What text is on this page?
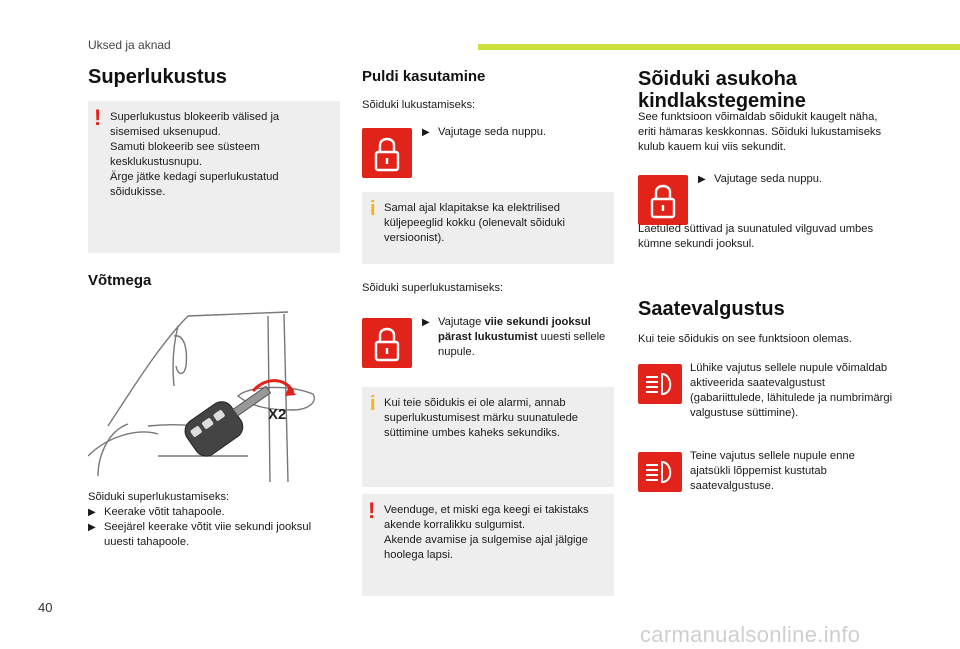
Uksed ja aknad
Superlukustus
! Superlukustus blokeerib välised ja sisemised uksenupud.
Samuti blokeerib see süsteem kesklukustusnupu.
Ärge jätke kedagi superlukustatud sõidukisse.
Võtmega
X2
Sõiduki superlukustamiseks:
▶ Keerake võtit tahapoole.
▶ Seejärel keerake võtit viie sekundi jooksul uuesti tahapoole.
Puldi kasutamine
Sõiduki lukustamiseks:
▶ Vajutage seda nuppu.
i Samal ajal klapitakse ka elektrilised küljepeeglid kokku (olenevalt sõiduki versioonist).
Sõiduki superlukustamiseks:
▶ Vajutage viie sekundi jooksul pärast lukustumist uuesti sellele nupule.
i Kui teie sõidukis ei ole alarmi, annab superlukustumisest märku suunatulede süttimine umbes kaheks sekundiks.
! Veenduge, et miski ega keegi ei takistaks akende korralikku sulgumist.
Akende avamise ja sulgemise ajal jälgige hoolega lapsi.
Sõiduki asukoha kindlakstegemine
See funktsioon võimaldab sõidukit kaugelt näha, eriti hämaras keskkonnas. Sõiduki lukustamiseks kulub kauem kui viis sekundit.
▶ Vajutage seda nuppu.
Laetuled süttivad ja suunatuled vilguvad umbes kümne sekundi jooksul.
Saatevalgustus
Kui teie sõidukis on see funktsioon olemas.
Lühike vajutus sellele nupule võimaldab aktiveerida saatevalgustust (gabariittulede, lähitulede ja numbrimärgi valgustuse süttimine).
Teine vajutus sellele nupule enne ajatsükli lõppemist kustutab saatevalgustuse.
40
carmanualsonline.info
